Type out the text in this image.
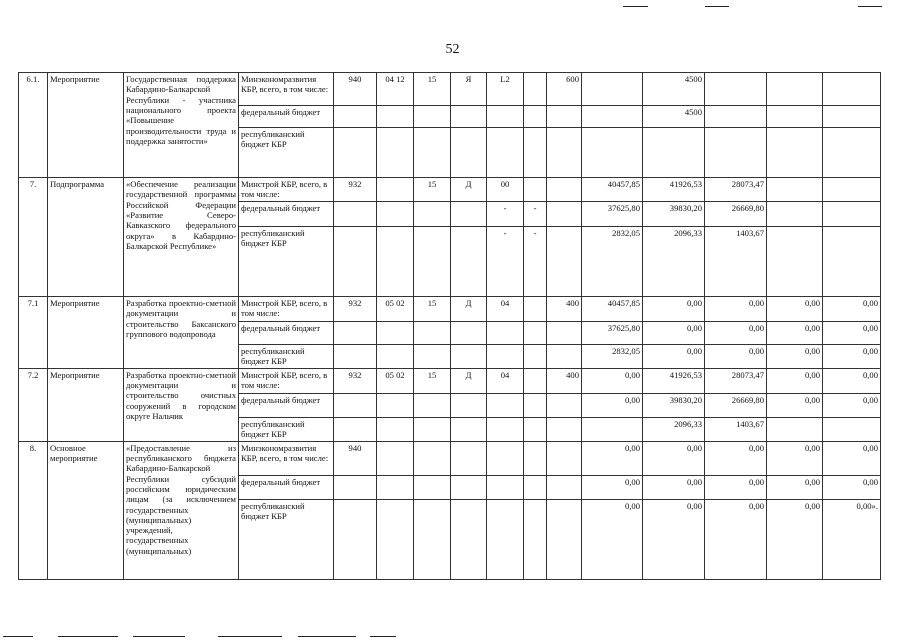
52
6.1.	Мероприятие	Государственная поддержка Кабардино-Балкарской Республики - участника национального проекта «Повышение производительности труда и поддержка занятости»	Минэкономразвития КБР, всего, в том числе:	940	04 12	15	Я	L2		600		4500			
			федеральный бюджет									4500			
			республиканский бюджет КБР												
7.	Подпрограмма	«Обеспечение реализации государственной программы Российской Федерации «Развитие Северо-Кавказского федерального округа» в Кабардино-Балкарской Республике»	Минстрой КБР, всего, в том числе:	932		15	Д	00			40457,85	41926,53	28073,47		
			федеральный бюджет					-	-		37625,80	39830,20	26669,80		
			республиканский бюджет КБР					-	-		2832,05	2096,33	1403,67		
7.1	Мероприятие	Разработка проектно-сметной документации и строительство Баксанского группового водопровода	Минстрой КБР, всего, в том числе:	932	05 02	15	Д	04		400	40457,85	0,00	0,00	0,00	0,00
			федеральный бюджет								37625,80	0,00	0,00	0,00	0,00
			республиканский бюджет КБР								2832,05	0,00	0,00	0,00	0,00
7.2	Мероприятие	Разработка проектно-сметной документации и строительство очистных сооружений в городском округе Нальчик	Минстрой КБР, всего, в том числе:	932	05 02	15	Д	04		400	0,00	41926,53	28073,47	0,00	0,00
			федеральный бюджет								0,00	39830,20	26669,80	0,00	0,00
			республиканский бюджет КБР									2096,33	1403,67		
8.	Основное мероприятие	«Предоставление из республиканского бюджета Кабардино-Балкарской Республики субсидий российским юридическим лицам (за исключением государственных (муниципальных) учреждений, государственных (муниципальных)	Минэкономразвития КБР, всего, в том числе:	940							0,00	0,00	0,00	0,00	0,00
			федеральный бюджет								0,00	0,00	0,00	0,00	0,00
			республиканский бюджет КБР								0,00	0,00	0,00	0,00	0,00».
